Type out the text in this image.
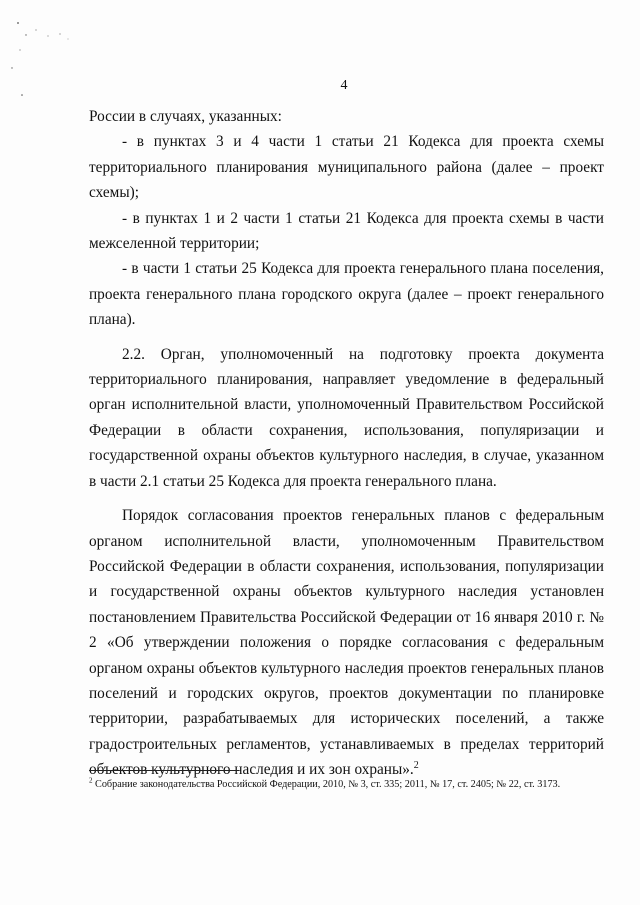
4

России в случаях, указанных:

- в пунктах 3 и 4 части 1 статьи 21 Кодекса для проекта схемы территориального планирования муниципального района (далее – проект схемы);

- в пунктах 1 и 2 части 1 статьи 21 Кодекса для проекта схемы в части межселенной территории;

- в части 1 статьи 25 Кодекса для проекта генерального плана поселения, проекта генерального плана городского округа (далее – проект генерального плана).

2.2. Орган, уполномоченный на подготовку проекта документа территориального планирования, направляет уведомление в федеральный орган исполнительной власти, уполномоченный Правительством Российской Федерации в области сохранения, использования, популяризации и государственной охраны объектов культурного наследия, в случае, указанном в части 2.1 статьи 25 Кодекса для проекта генерального плана.

Порядок согласования проектов генеральных планов с федеральным органом исполнительной власти, уполномоченным Правительством Российской Федерации в области сохранения, использования, популяризации и государственной охраны объектов культурного наследия установлен постановлением Правительства Российской Федерации от 16 января 2010 г. № 2 «Об утверждении положения о порядке согласования с федеральным органом охраны объектов культурного наследия проектов генеральных планов поселений и городских округов, проектов документации по планировке территории, разрабатываемых для исторических поселений, а также градостроительных регламентов, устанавливаемых в пределах территорий объектов культурного наследия и их зон охраны».$^2$

$^2$ Собрание законодательства Российской Федерации, 2010, № 3, ст. 335; 2011, № 17, ст. 2405; № 22, ст. 3173.
